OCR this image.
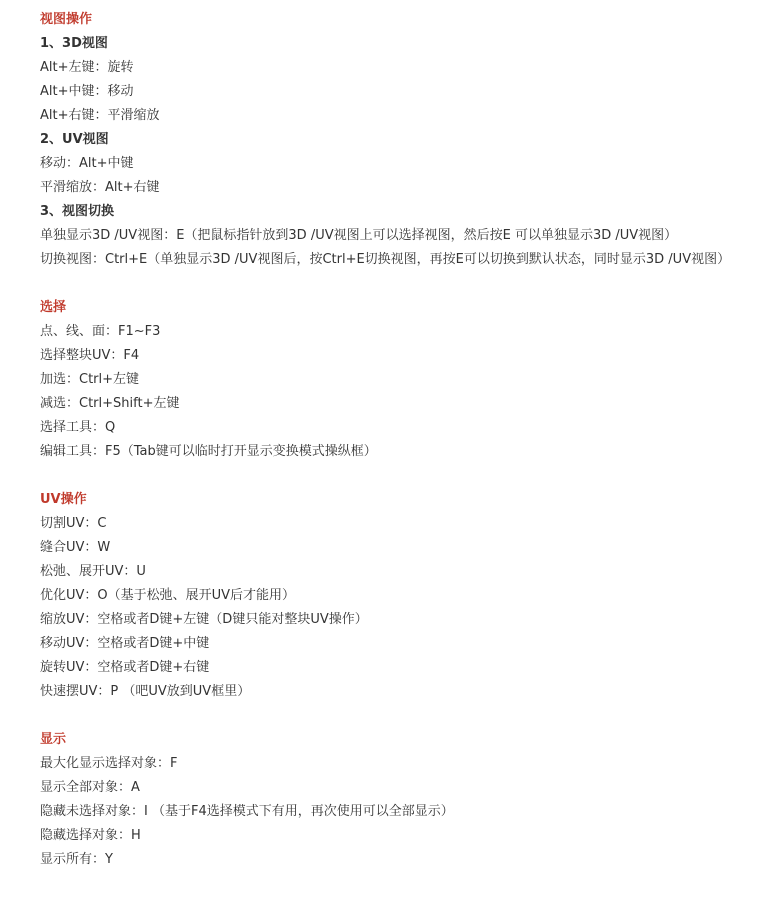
视图操作
1、3D视图
Alt+左键：旋转
Alt+中键：移动
Alt+右键：平滑缩放
2、UV视图
移动：Alt+中键
平滑缩放：Alt+右键
3、视图切换
单独显示3D /UV视图：E（把鼠标指针放到3D /UV视图上可以选择视图，然后按E 可以单独显示3D /UV视图）
切换视图：Ctrl+E（单独显示3D /UV视图后，按Ctrl+E切换视图，再按E可以切换到默认状态，同时显示3D /UV视图）
选择
点、线、面：F1~F3
选择整块UV：F4
加选：Ctrl+左键
减选：Ctrl+Shift+左键
选择工具：Q
编辑工具：F5（Tab键可以临时打开显示变换模式操纵框）
UV操作
切割UV：C
缝合UV：W
松弛、展开UV：U
优化UV：O（基于松弛、展开UV后才能用）
缩放UV：空格或者D键+左键（D键只能对整块UV操作）
移动UV：空格或者D键+中键
旋转UV：空格或者D键+右键
快速摆UV：P （吧UV放到UV框里）
显示
最大化显示选择对象：F
显示全部对象：A
隐藏未选择对象：I （基于F4选择模式下有用，再次使用可以全部显示）
隐藏选择对象：H
显示所有：Y
